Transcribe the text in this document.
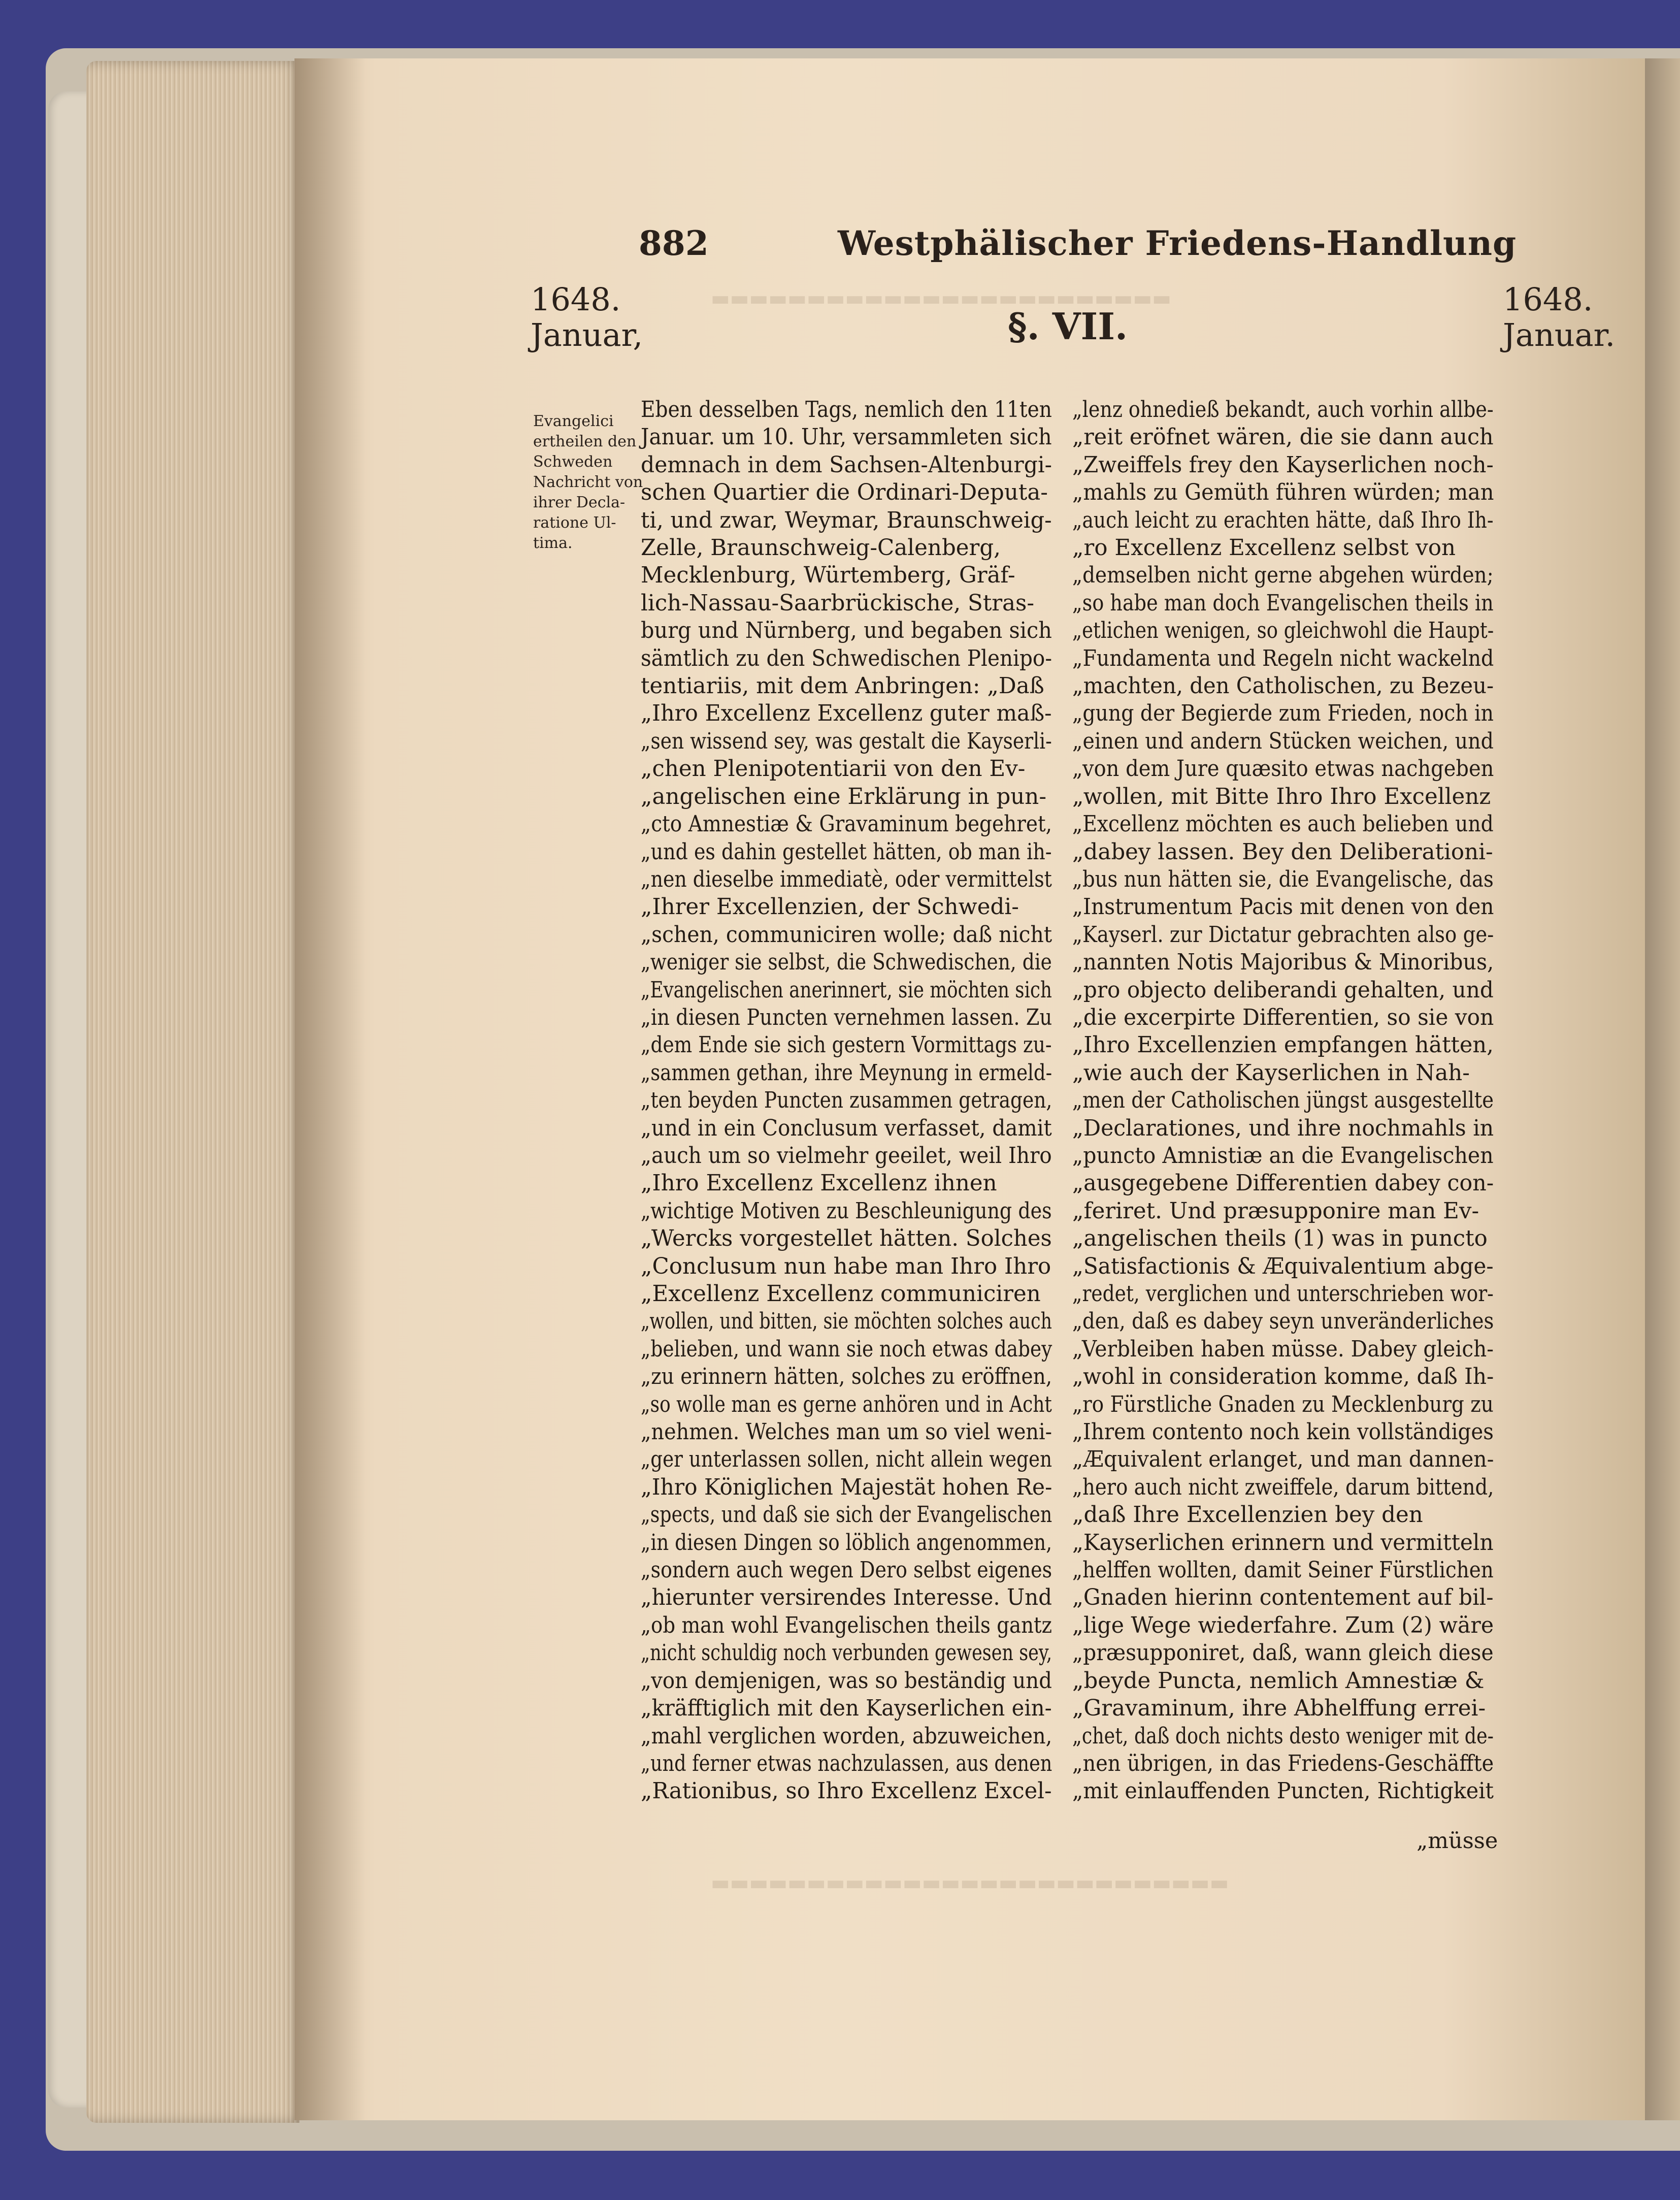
▬▬▬▬▬▬▬▬▬▬▬▬▬▬▬▬▬▬▬▬▬▬▬▬
▬▬▬▬▬▬▬▬▬▬▬▬▬▬▬▬▬▬▬▬▬▬▬▬▬▬▬
882	Westphälischer Friedens-Handlung
1648.
Januar,
1648.
Januar.
§. VII.
Evangelici
ertheilen den
Schweden
Nachricht von
ihrer Decla-
ratione Ul-
tima.
Eben desselben Tags, nemlich den 11ten
Januar. um 10. Uhr, versammleten sich
demnach in dem Sachsen-Altenburgi-
schen Quartier die Ordinari-Deputa-
ti, und zwar, Weymar, Braunschweig-
Zelle, Braunschweig-Calenberg,
Mecklenburg, Würtemberg, Gräf-
lich-Nassau-Saarbrückische, Stras-
burg und Nürnberg, und begaben sich
sämtlich zu den Schwedischen Plenipo-
tentiariis, mit dem Anbringen: „Daß
„Ihro Excellenz Excellenz guter maß-
„sen wissend sey, was gestalt die Kayserli-
„chen Plenipotentiarii von den Ev-
„angelischen eine Erklärung in pun-
„cto Amnestiæ & Gravaminum begehret,
„und es dahin gestellet hätten, ob man ih-
„nen dieselbe immediatè, oder vermittelst
„Ihrer Excellenzien, der Schwedi-
„schen, communiciren wolle; daß nicht
„weniger sie selbst, die Schwedischen, die
„Evangelischen anerinnert, sie möchten sich
„in diesen Puncten vernehmen lassen. Zu
„dem Ende sie sich gestern Vormittags zu-
„sammen gethan, ihre Meynung in ermeld-
„ten beyden Puncten zusammen getragen,
„und in ein Conclusum verfasset, damit
„auch um so vielmehr geeilet, weil Ihro
„Ihro Excellenz Excellenz ihnen
„wichtige Motiven zu Beschleunigung des
„Wercks vorgestellet hätten. Solches
„Conclusum nun habe man Ihro Ihro
„Excellenz Excellenz communiciren
„wollen, und bitten, sie möchten solches auch
„belieben, und wann sie noch etwas dabey
„zu erinnern hätten, solches zu eröffnen,
„so wolle man es gerne anhören und in Acht
„nehmen. Welches man um so viel weni-
„ger unterlassen sollen, nicht allein wegen
„Ihro Königlichen Majestät hohen Re-
„spects, und daß sie sich der Evangelischen
„in diesen Dingen so löblich angenommen,
„sondern auch wegen Dero selbst eigenes
„hierunter versirendes Interesse. Und
„ob man wohl Evangelischen theils gantz
„nicht schuldig noch verbunden gewesen sey,
„von demjenigen, was so beständig und
„kräfftiglich mit den Kayserlichen ein-
„mahl verglichen worden, abzuweichen,
„und ferner etwas nachzulassen, aus denen
„Rationibus, so Ihro Excellenz Excel-
„lenz ohnedieß bekandt, auch vorhin allbe-
„reit eröfnet wären, die sie dann auch
„Zweiffels frey den Kayserlichen noch-
„mahls zu Gemüth führen würden; man
„auch leicht zu erachten hätte, daß Ihro Ih-
„ro Excellenz Excellenz selbst von
„demselben nicht gerne abgehen würden;
„so habe man doch Evangelischen theils in
„etlichen wenigen, so gleichwohl die Haupt-
„Fundamenta und Regeln nicht wackelnd
„machten, den Catholischen, zu Bezeu-
„gung der Begierde zum Frieden, noch in
„einen und andern Stücken weichen, und
„von dem Jure quæsito etwas nachgeben
„wollen, mit Bitte Ihro Ihro Excellenz
„Excellenz möchten es auch belieben und
„dabey lassen. Bey den Deliberationi-
„bus nun hätten sie, die Evangelische, das
„Instrumentum Pacis mit denen von den
„Kayserl. zur Dictatur gebrachten also ge-
„nannten Notis Majoribus & Minoribus,
„pro objecto deliberandi gehalten, und
„die excerpirte Differentien, so sie von
„Ihro Excellenzien empfangen hätten,
„wie auch der Kayserlichen in Nah-
„men der Catholischen jüngst ausgestellte
„Declarationes, und ihre nochmahls in
„puncto Amnistiæ an die Evangelischen
„ausgegebene Differentien dabey con-
„feriret. Und præsupponire man Ev-
„angelischen theils (1) was in puncto
„Satisfactionis & Æquivalentium abge-
„redet, verglichen und unterschrieben wor-
„den, daß es dabey seyn unveränderliches
„Verbleiben haben müsse. Dabey gleich-
„wohl in consideration komme, daß Ih-
„ro Fürstliche Gnaden zu Mecklenburg zu
„Ihrem contento noch kein vollständiges
„Æquivalent erlanget, und man dannen-
„hero auch nicht zweiffele, darum bittend,
„daß Ihre Excellenzien bey den
„Kayserlichen erinnern und vermitteln
„helffen wollten, damit Seiner Fürstlichen
„Gnaden hierinn contentement auf bil-
„lige Wege wiederfahre. Zum (2) wäre
„præsupponiret, daß, wann gleich diese
„beyde Puncta, nemlich Amnestiæ &
„Gravaminum, ihre Abhelffung errei-
„chet, daß doch nichts desto weniger mit de-
„nen übrigen, in das Friedens-Geschäffte
„mit einlauffenden Puncten, Richtigkeit
„müsse
